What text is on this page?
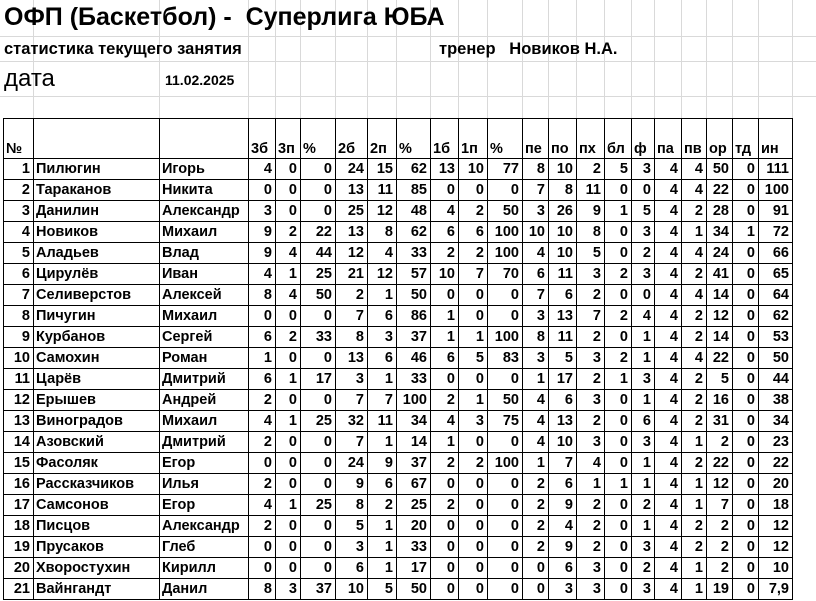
ОФП (Баскетбол) -  Суперлига ЮБА
статистика текущего занятия	тренер   Новиков Н.А.
дата	11.02.2025
№			3б	3п	%	2б	2п	%	1б	1п	%	пе	по	пх	бл	ф	па	пв	ор	тд	ин
1	Пилюгин	Игорь	4	0	0	24	15	62	13	10	77	8	10	2	5	3	4	4	50	0	111
2	Тараканов	Никита	0	0	0	13	11	85	0	0	0	7	8	11	0	0	4	4	22	0	100
3	Данилин	Александр	3	0	0	25	12	48	4	2	50	3	26	9	1	5	4	2	28	0	91
4	Новиков	Михаил	9	2	22	13	8	62	6	6	100	10	10	8	0	3	4	1	34	1	72
5	Аладьев	Влад	9	4	44	12	4	33	2	2	100	4	10	5	0	2	4	4	24	0	66
6	Цирулёв	Иван	4	1	25	21	12	57	10	7	70	6	11	3	2	3	4	2	41	0	65
7	Селиверстов	Алексей	8	4	50	2	1	50	0	0	0	7	6	2	0	0	4	4	14	0	64
8	Пичугин	Михаил	0	0	0	7	6	86	1	0	0	3	13	7	2	4	4	2	12	0	62
9	Курбанов	Сергей	6	2	33	8	3	37	1	1	100	8	11	2	0	1	4	2	14	0	53
10	Самохин	Роман	1	0	0	13	6	46	6	5	83	3	5	3	2	1	4	4	22	0	50
11	Царёв	Дмитрий	6	1	17	3	1	33	0	0	0	1	17	2	1	3	4	2	5	0	44
12	Ерышев	Андрей	2	0	0	7	7	100	2	1	50	4	6	3	0	1	4	2	16	0	38
13	Виноградов	Михаил	4	1	25	32	11	34	4	3	75	4	13	2	0	6	4	2	31	0	34
14	Азовский	Дмитрий	2	0	0	7	1	14	1	0	0	4	10	3	0	3	4	1	2	0	23
15	Фасоляк	Егор	0	0	0	24	9	37	2	2	100	1	7	4	0	1	4	2	22	0	22
16	Рассказчиков	Илья	2	0	0	9	6	67	0	0	0	2	6	1	1	1	4	1	12	0	20
17	Самсонов	Егор	4	1	25	8	2	25	2	0	0	2	9	2	0	2	4	1	7	0	18
18	Писцов	Александр	2	0	0	5	1	20	0	0	0	2	4	2	0	1	4	2	2	0	12
19	Прусаков	Глеб	0	0	0	3	1	33	0	0	0	2	9	2	0	3	4	2	2	0	12
20	Хворостухин	Кирилл	0	0	0	6	1	17	0	0	0	0	6	3	0	2	4	1	2	0	10
21	Вайнгандт	Данил	8	3	37	10	5	50	0	0	0	0	3	3	0	3	4	1	19	0	7,9
